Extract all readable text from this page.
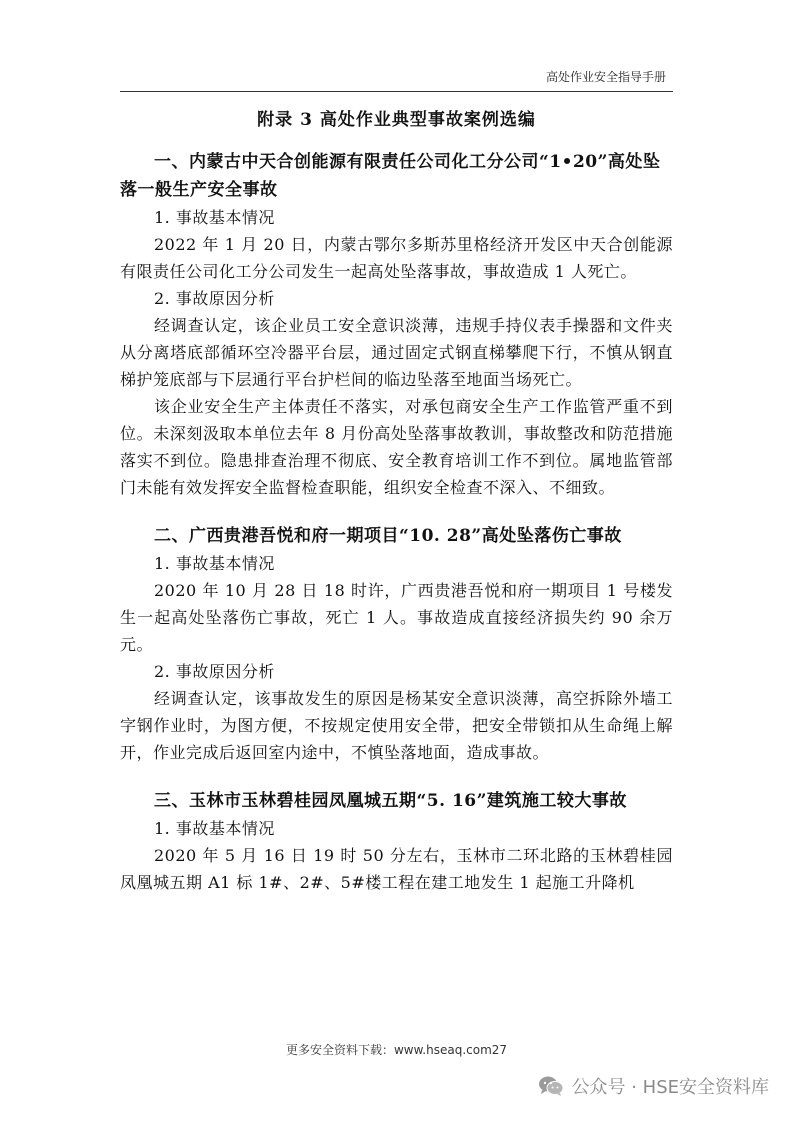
高处作业安全指导手册
附录 3 高处作业典型事故案例选编

一、内蒙古中天合创能源有限责任公司化工分公司“1•20”高处坠落一般生产安全事故

1. 事故基本情况

2022 年 1 月 20 日，内蒙古鄂尔多斯苏里格经济开发区中天合创能源有限责任公司化工分公司发生一起高处坠落事故，事故造成 1 人死亡。

2. 事故原因分析

经调查认定，该企业员工安全意识淡薄，违规手持仪表手操器和文件夹从分离塔底部循环空冷器平台层，通过固定式钢直梯攀爬下行，不慎从钢直梯护笼底部与下层通行平台护栏间的临边坠落至地面当场死亡。

该企业安全生产主体责任不落实，对承包商安全生产工作监管严重不到位。未深刻汲取本单位去年 8 月份高处坠落事故教训，事故整改和防范措施落实不到位。隐患排查治理不彻底、安全教育培训工作不到位。属地监管部门未能有效发挥安全监督检查职能，组织安全检查不深入、不细致。

二、广西贵港吾悦和府一期项目“10. 28”高处坠落伤亡事故

1. 事故基本情况

2020 年 10 月 28 日 18 时许，广西贵港吾悦和府一期项目 1 号楼发生一起高处坠落伤亡事故，死亡 1 人。事故造成直接经济损失约 90 余万元。

2. 事故原因分析

经调查认定，该事故发生的原因是杨某安全意识淡薄，高空拆除外墙工字钢作业时，为图方便，不按规定使用安全带，把安全带锁扣从生命绳上解开，作业完成后返回室内途中，不慎坠落地面，造成事故。

三、玉林市玉林碧桂园凤凰城五期“5. 16”建筑施工较大事故

1. 事故基本情况

2020 年 5 月 16 日 19 时 50 分左右，玉林市二环北路的玉林碧桂园凤凰城五期 A1 标 1#、2#、5#楼工程在建工地发生 1 起施工升降机

更多安全资料下载：www.hseaq.com27
公众号 · HSE安全资料库
